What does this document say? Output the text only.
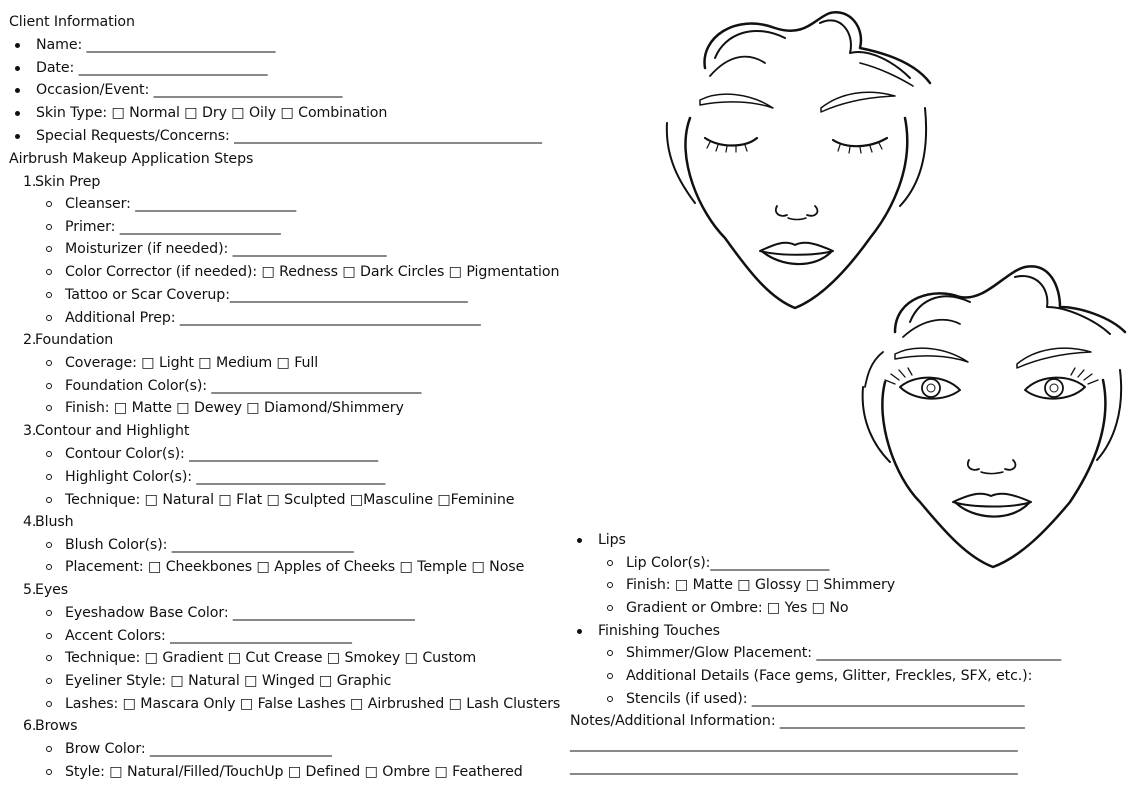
Client Information
Name: ___________________________
Date: ___________________________
Occasion/Event: ___________________________
Skin Type: □ Normal □ Dry □ Oily □ Combination
Special Requests/Concerns: ____________________________________________
Airbrush Makeup Application Steps
1.Skin Prep
Cleanser: _______________________
Primer: _______________________
Moisturizer (if needed): ______________________
Color Corrector (if needed): □ Redness □ Dark Circles □ Pigmentation
Tattoo or Scar Coverup:__________________________________
Additional Prep: ___________________________________________
2.Foundation
Coverage: □ Light □ Medium □ Full
Foundation Color(s): ______________________________
Finish: □ Matte □ Dewey □ Diamond/Shimmery
3.Contour and Highlight
Contour Color(s): ___________________________
Highlight Color(s): ___________________________
Technique: □ Natural □ Flat □ Sculpted □Masculine □Feminine
4.Blush
Blush Color(s): __________________________
Placement: □ Cheekbones □ Apples of Cheeks □ Temple □ Nose
5.Eyes
Eyeshadow Base Color: __________________________
Accent Colors: __________________________
Technique: □ Gradient □ Cut Crease □ Smokey □ Custom
Eyeliner Style: □ Natural □ Winged □ Graphic
Lashes: □ Mascara Only □ False Lashes □ Airbrushed □ Lash Clusters
6.Brows
Brow Color: __________________________
Style: □ Natural/Filled/TouchUp □ Defined □ Ombre □ Feathered
Lips
Lip Color(s):_________________
Finish: □ Matte □ Glossy □ Shimmery
Gradient or Ombre: □ Yes □ No
Finishing Touches
Shimmer/Glow Placement: ___________________________________
Additional Details (Face gems, Glitter, Freckles, SFX, etc.):
Stencils (if used): _______________________________________
Notes/Additional Information: ___________________________________
________________________________________________________________
________________________________________________________________
